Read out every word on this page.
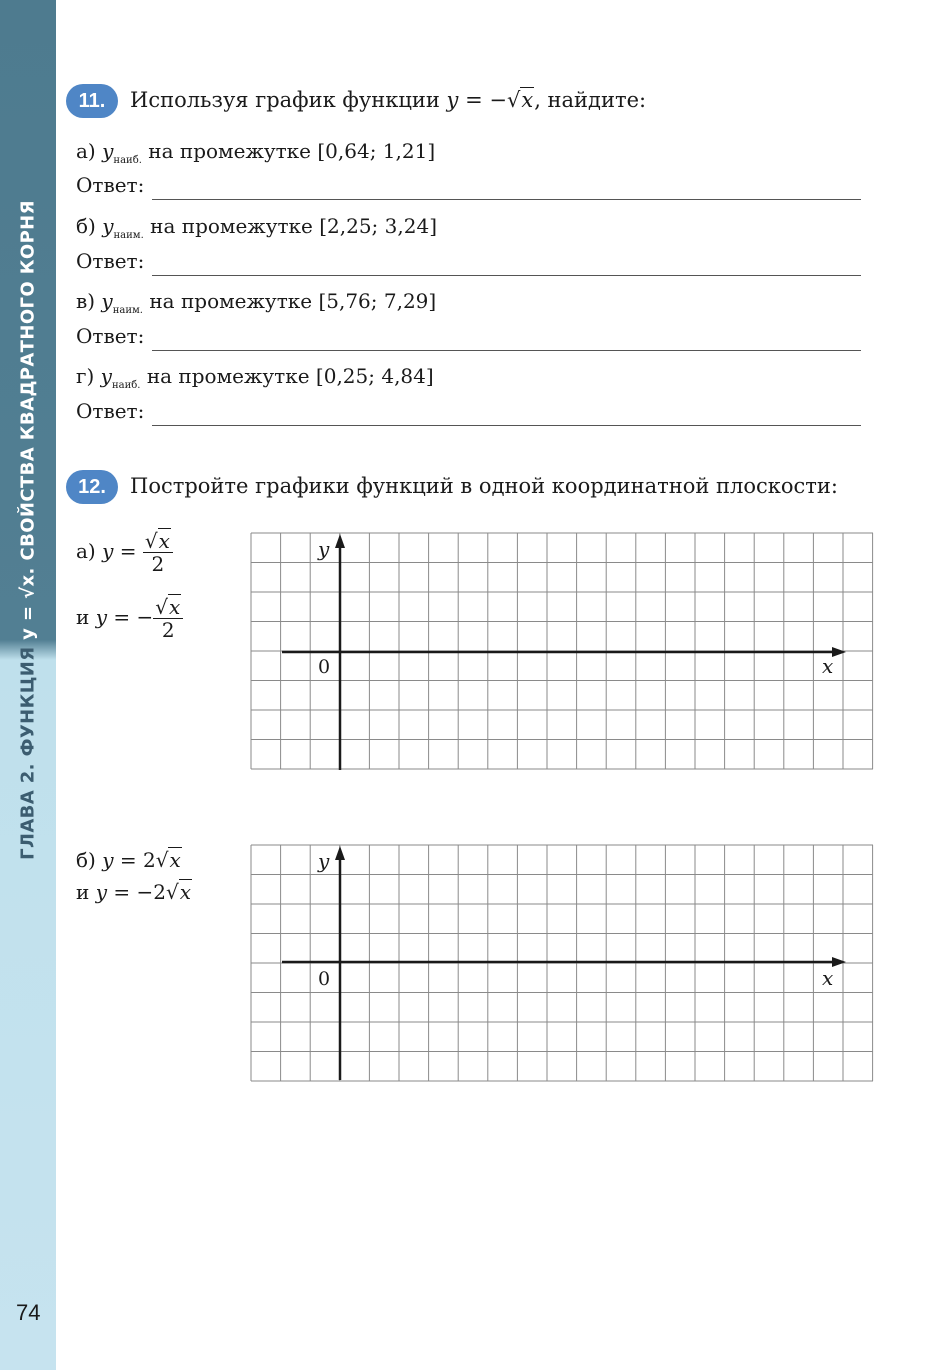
ГЛАВА 2. ФУНКЦИЯ y = √x. СВОЙСТВА КВАДРАТНОГО КОРНЯ
74
11.	Используя график функции y = −√x, найдите:
а) $y_{наиб.}$ на промежутке [0,64; 1,21]
Ответ:
б) $y_{наим.}$ на промежутке [2,25; 3,24]
Ответ:
в) $y_{наим.}$ на промежутке [5,76; 7,29]
Ответ:
г) $y_{наиб.}$ на промежутке [0,25; 4,84]
Ответ:
12.	Постройте графики функций в одной координатной плоскости:
а) $y = \frac{√x}{2}$
и y = − $\frac{√x}{2}$
y
0	x
б) y = 2√x
и y = −2√x
y
0	x
